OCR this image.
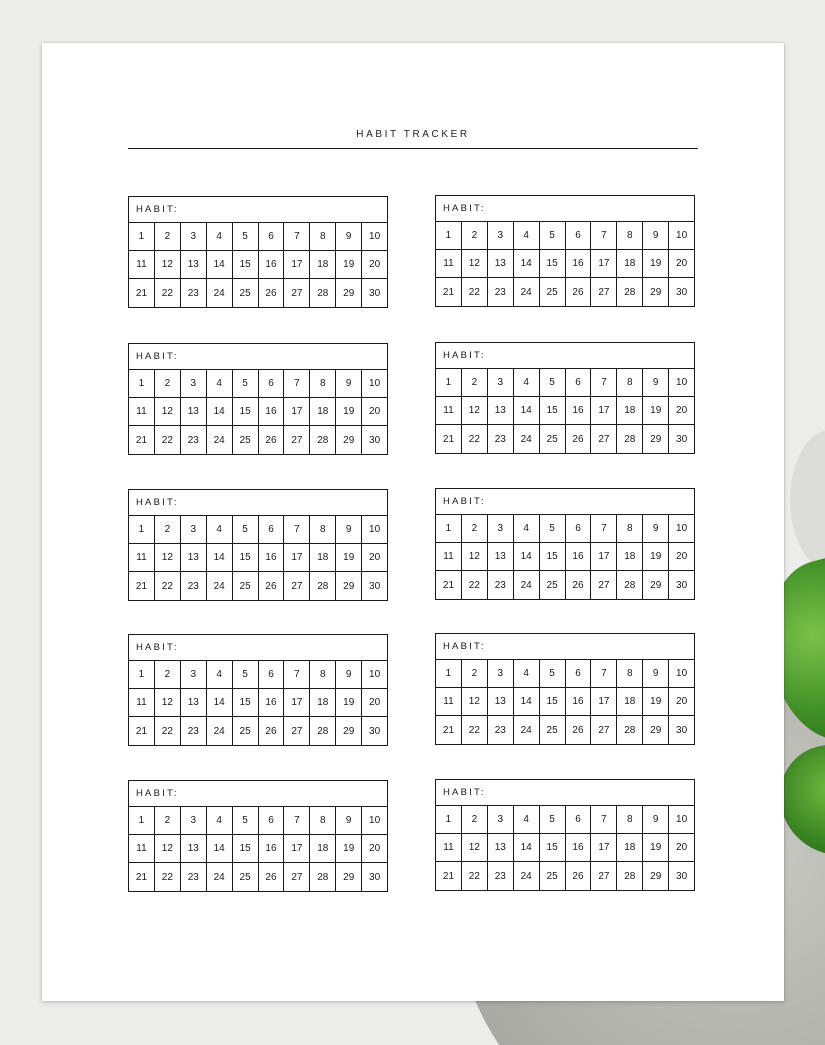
HABIT TRACKER
HABIT:
1	2	3	4	5	6	7	8	9	10
11	12	13	14	15	16	17	18	19	20
21	22	23	24	25	26	27	28	29	30
HABIT:
1	2	3	4	5	6	7	8	9	10
11	12	13	14	15	16	17	18	19	20
21	22	23	24	25	26	27	28	29	30
HABIT:
1	2	3	4	5	6	7	8	9	10
11	12	13	14	15	16	17	18	19	20
21	22	23	24	25	26	27	28	29	30
HABIT:
1	2	3	4	5	6	7	8	9	10
11	12	13	14	15	16	17	18	19	20
21	22	23	24	25	26	27	28	29	30
HABIT:
1	2	3	4	5	6	7	8	9	10
11	12	13	14	15	16	17	18	19	20
21	22	23	24	25	26	27	28	29	30
HABIT:
1	2	3	4	5	6	7	8	9	10
11	12	13	14	15	16	17	18	19	20
21	22	23	24	25	26	27	28	29	30
HABIT:
1	2	3	4	5	6	7	8	9	10
11	12	13	14	15	16	17	18	19	20
21	22	23	24	25	26	27	28	29	30
HABIT:
1	2	3	4	5	6	7	8	9	10
11	12	13	14	15	16	17	18	19	20
21	22	23	24	25	26	27	28	29	30
HABIT:
1	2	3	4	5	6	7	8	9	10
11	12	13	14	15	16	17	18	19	20
21	22	23	24	25	26	27	28	29	30
HABIT:
1	2	3	4	5	6	7	8	9	10
11	12	13	14	15	16	17	18	19	20
21	22	23	24	25	26	27	28	29	30
